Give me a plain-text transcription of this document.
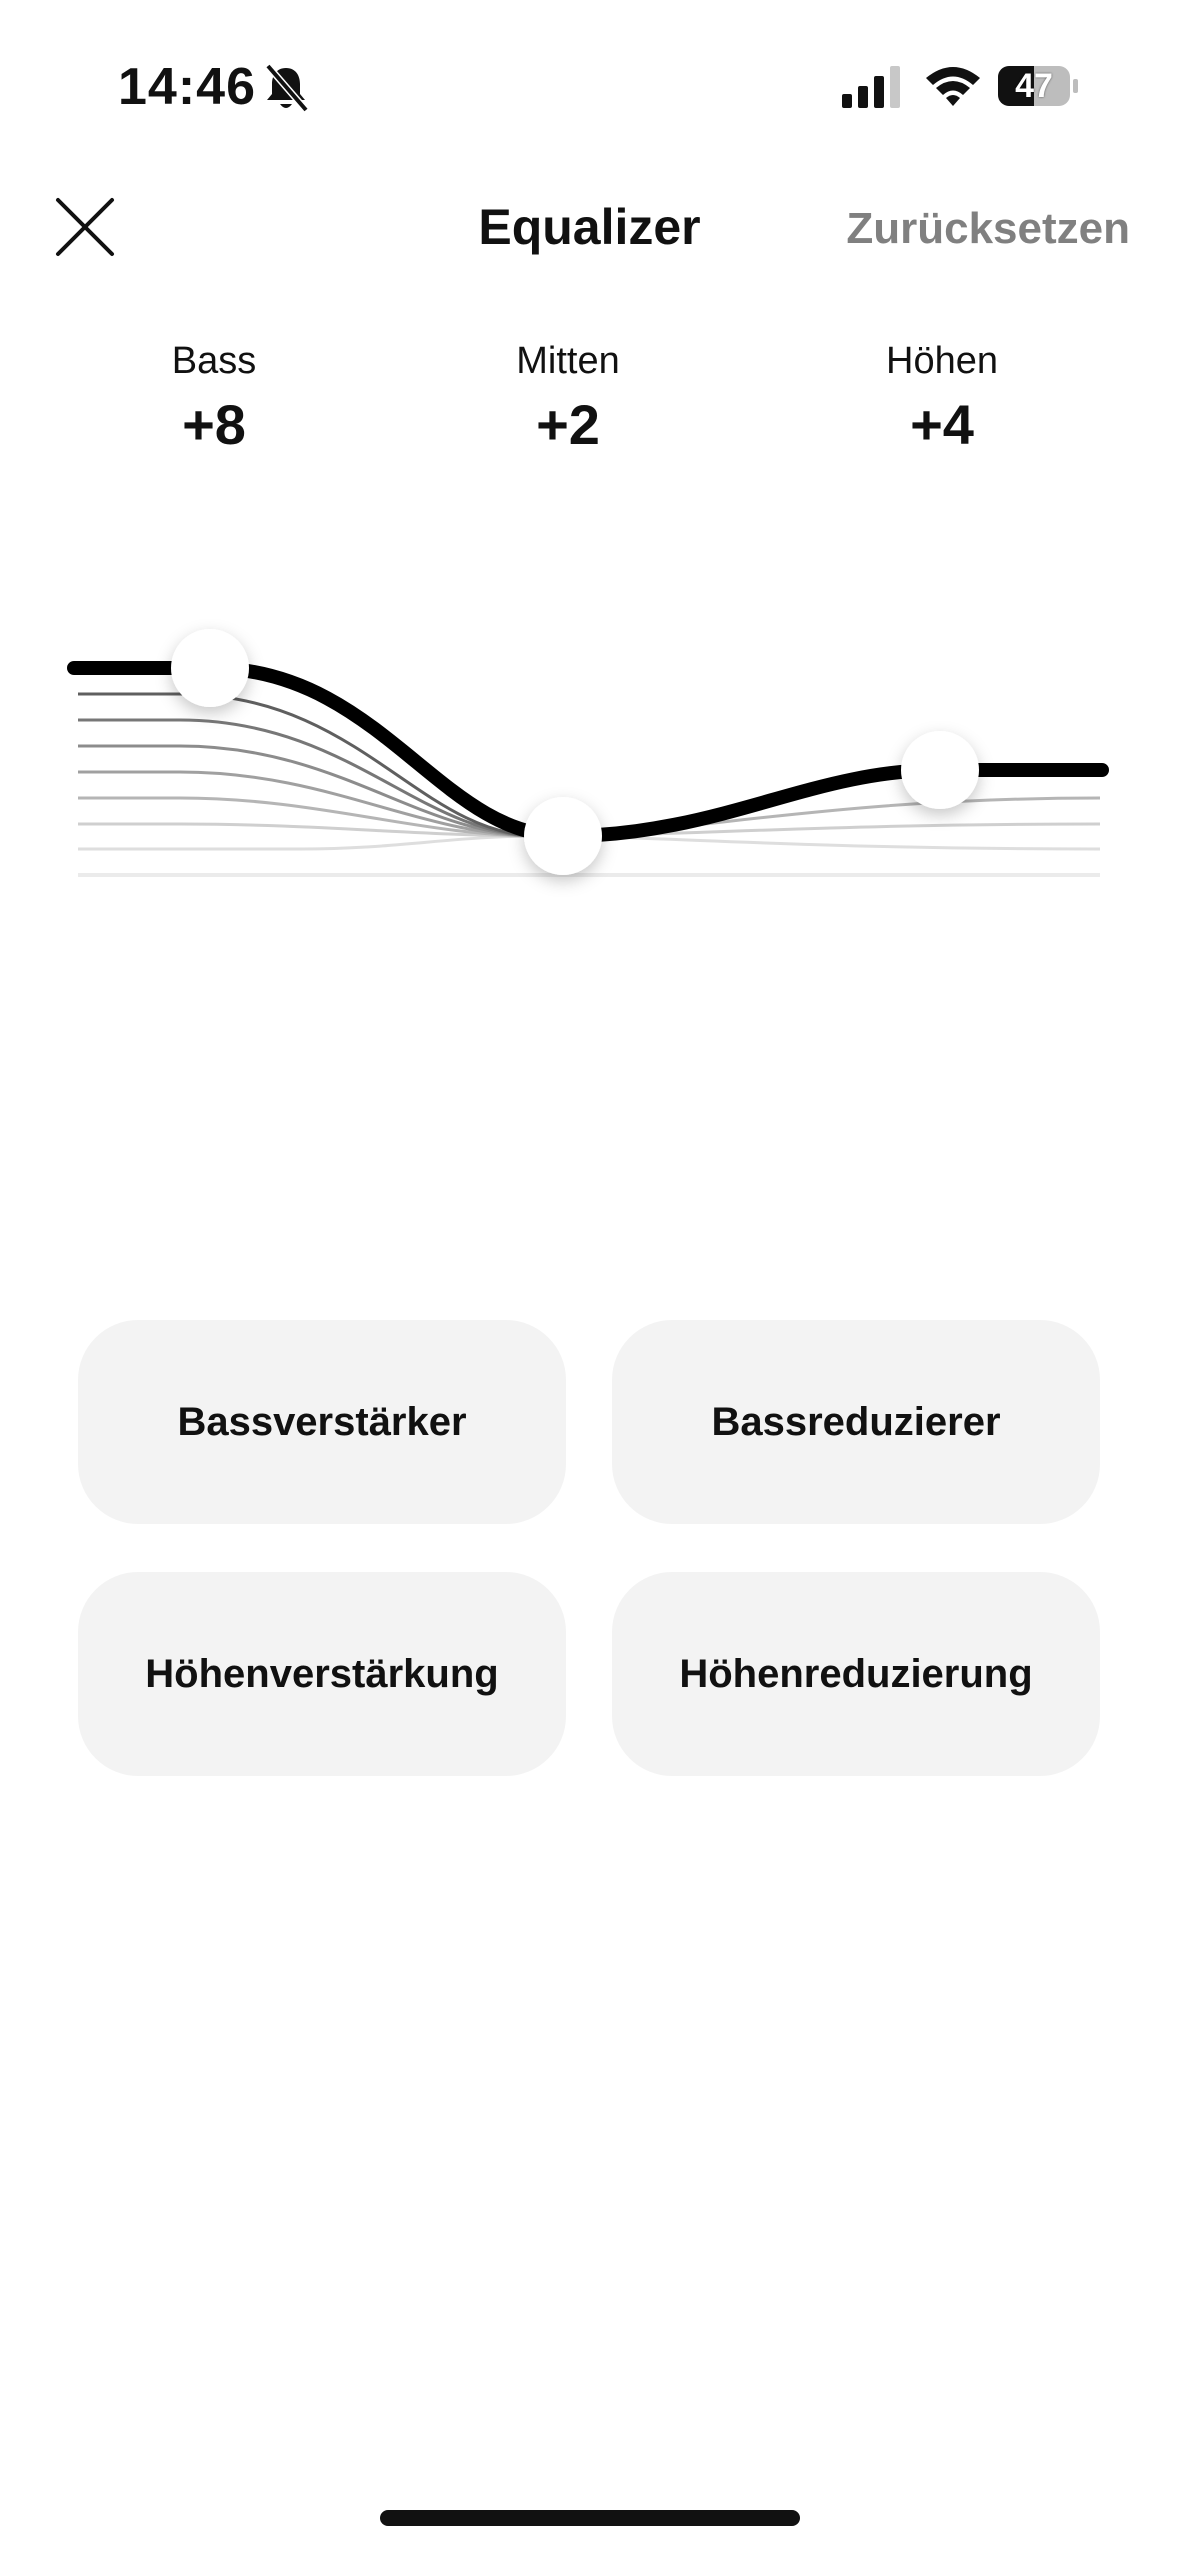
14:46	47
Equalizer	Zurücksetzen
Bass
+8
Mitten
+2
Höhen
+4
Bassverstärker	Bassreduzierer
Höhenverstärkung	Höhenreduzierung
